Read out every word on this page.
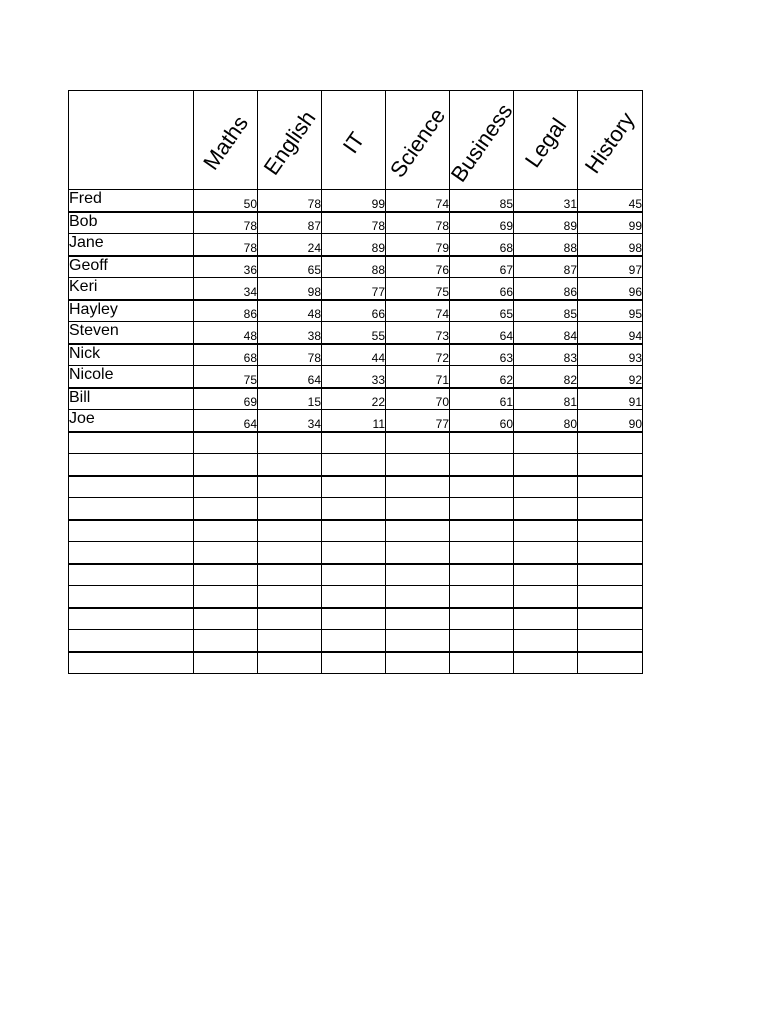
	Maths	English	IT	Science	Business	Legal	History

Fred	50	78	99	74	85	31	45
Bob	78	87	78	78	69	89	99
Jane	78	24	89	79	68	88	98
Geoff	36	65	88	76	67	87	97
Keri	34	98	77	75	66	86	96
Hayley	86	48	66	74	65	85	95
Steven	48	38	55	73	64	84	94
Nick	68	78	44	72	63	83	93
Nicole	75	64	33	71	62	82	92
Bill	69	15	22	70	61	81	91
Joe	64	34	11	77	60	80	90
